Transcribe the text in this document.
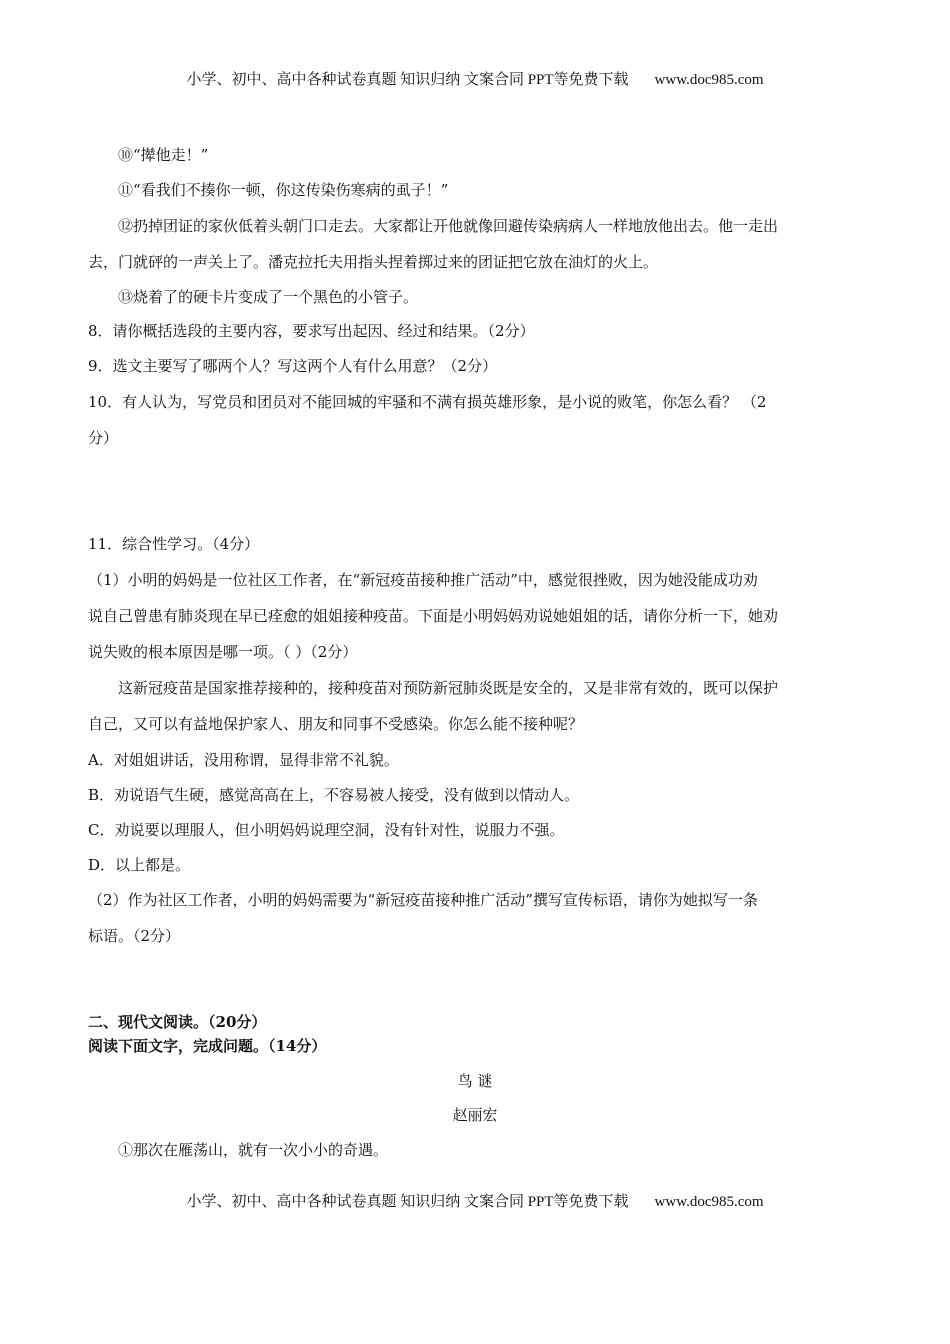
小学、初中、高中各种试卷真题 知识归纳 文案合同 PPT等免费下载 www.doc985.com
⑩“撵他走！”
⑪“看我们不揍你一顿，你这传染伤寒病的虱子！”
⑫扔掉团证的家伙低着头朝门口走去。大家都让开他就像回避传染病病人一样地放他出去。他一走出
去，门就砰的一声关上了。潘克拉托夫用指头捏着掷过来的团证把它放在油灯的火上。
⑬烧着了的硬卡片变成了一个黑色的小管子。
8．请你概括选段的主要内容，要求写出起因、经过和结果。（2分）
9．选文主要写了哪两个人？写这两个人有什么用意？（2分）
10．有人认为，写党员和团员对不能回城的牢骚和不满有损英雄形象，是小说的败笔，你怎么看？ （2
分）
11．综合性学习。（4分）
（1）小明的妈妈是一位社区工作者，在“新冠疫苗接种推广活动”中，感觉很挫败，因为她没能成功劝
说自己曾患有肺炎现在早已痊愈的姐姐接种疫苗。下面是小明妈妈劝说她姐姐的话，请你分析一下，她劝
说失败的根本原因是哪一项。（ ）（2分）
这新冠疫苗是国家推荐接种的，接种疫苗对预防新冠肺炎既是安全的，又是非常有效的，既可以保护
自己，又可以有益地保护家人、朋友和同事不受感染。你怎么能不接种呢？
A．对姐姐讲话，没用称谓，显得非常不礼貌。
B．劝说语气生硬，感觉高高在上，不容易被人接受，没有做到以情动人。
C．劝说要以理服人，但小明妈妈说理空洞，没有针对性，说服力不强。
D．以上都是。
（2）作为社区工作者，小明的妈妈需要为“新冠疫苗接种推广活动”撰写宣传标语，请你为她拟写一条
标语。（2分）
二、现代文阅读。（20分）
阅读下面文字，完成问题。（14分）
鸟 谜
赵丽宏
①那次在雁荡山，就有一次小小的奇遇。
小学、初中、高中各种试卷真题 知识归纳 文案合同 PPT等免费下载 www.doc985.com
